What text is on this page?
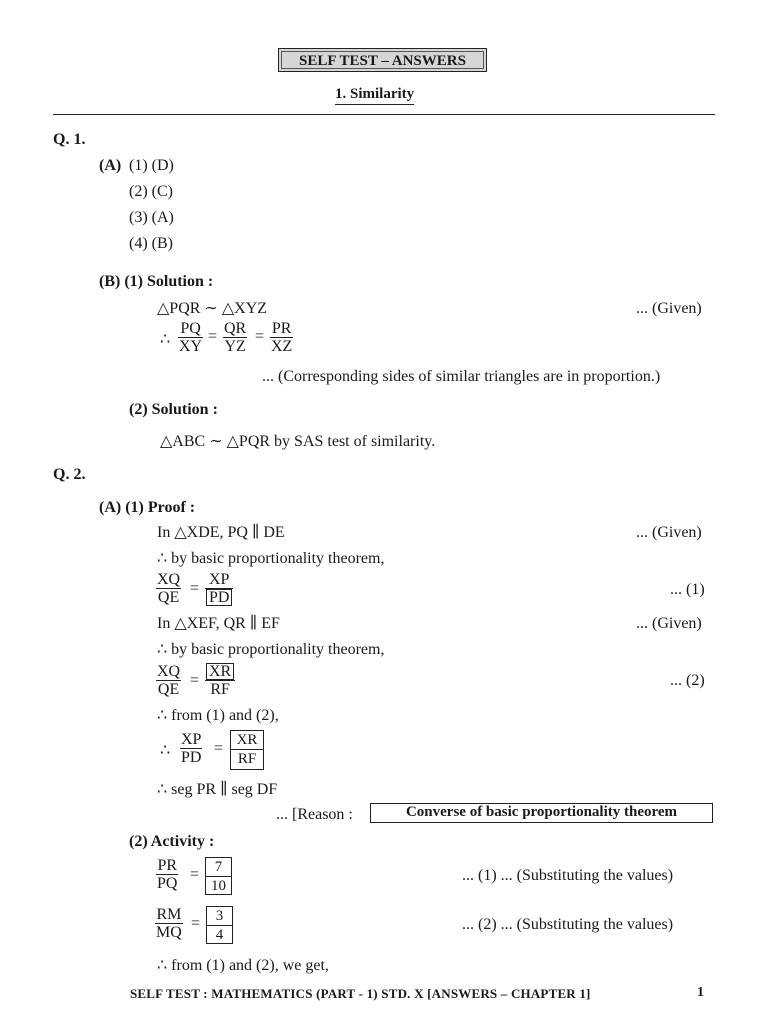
SELF TEST – ANSWERS
1. Similarity
Q. 1.
(A) (1) (D)
(2) (C)
(3) (A)
(4) (B)
(B) (1) Solution :
△PQR ∼ △XYZ	... (Given)
∴ $\frac{PQ}{XY} = \frac{QR}{YZ} = \frac{PR}{XZ}$
... (Corresponding sides of similar triangles are in proportion.)
(2) Solution :
△ABC ∼ △PQR by SAS test of similarity.
Q. 2.
(A) (1) Proof :
In △XDE, PQ ∥ DE	... (Given)
∴ by basic proportionality theorem,
$\frac{XQ}{QE} = \frac{XP}{PD}$	... (1)
In △XEF, QR ∥ EF	... (Given)
∴ by basic proportionality theorem,
$\frac{XQ}{QE} = \frac{XR}{RF}$	... (2)
∴ from (1) and (2),
∴ $\frac{XP}{PD} = \frac{XR}{RF}$
∴ seg PR ∥ seg DF
... [Reason :	Converse of basic proportionality theorem
(2) Activity :
$\frac{PR}{PQ} = \frac{7}{10}$	... (1) ... (Substituting the values)
$\frac{RM}{MQ} = \frac{3}{4}$	... (2) ... (Substituting the values)
∴ from (1) and (2), we get,
SELF TEST : MATHEMATICS (PART - 1) STD. X [ANSWERS – CHAPTER 1]	1
